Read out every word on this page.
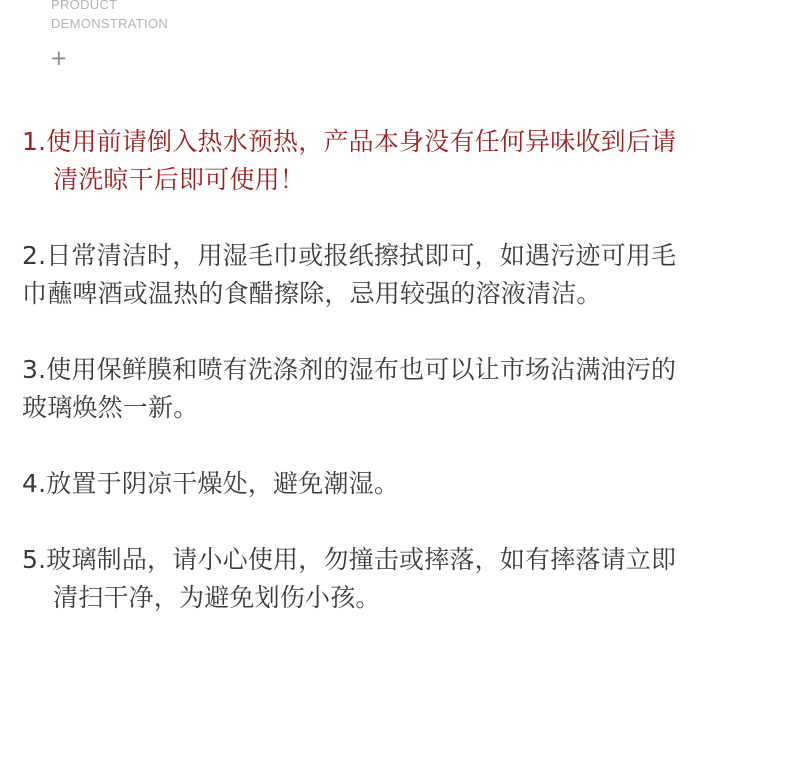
PRODUCT
DEMONSTRATION
+
1.使用前请倒入热水预热，产品本身没有任何异味收到后请
清洗晾干后即可使用！
2.日常清洁时，用湿毛巾或报纸擦拭即可，如遇污迹可用毛
巾蘸啤酒或温热的食醋擦除，忌用较强的溶液清洁。
3.使用保鲜膜和喷有洗涤剂的湿布也可以让市场沾满油污的
玻璃焕然一新。
4.放置于阴凉干燥处，避免潮湿。
5.玻璃制品，请小心使用，勿撞击或摔落，如有摔落请立即
清扫干净，为避免划伤小孩。
